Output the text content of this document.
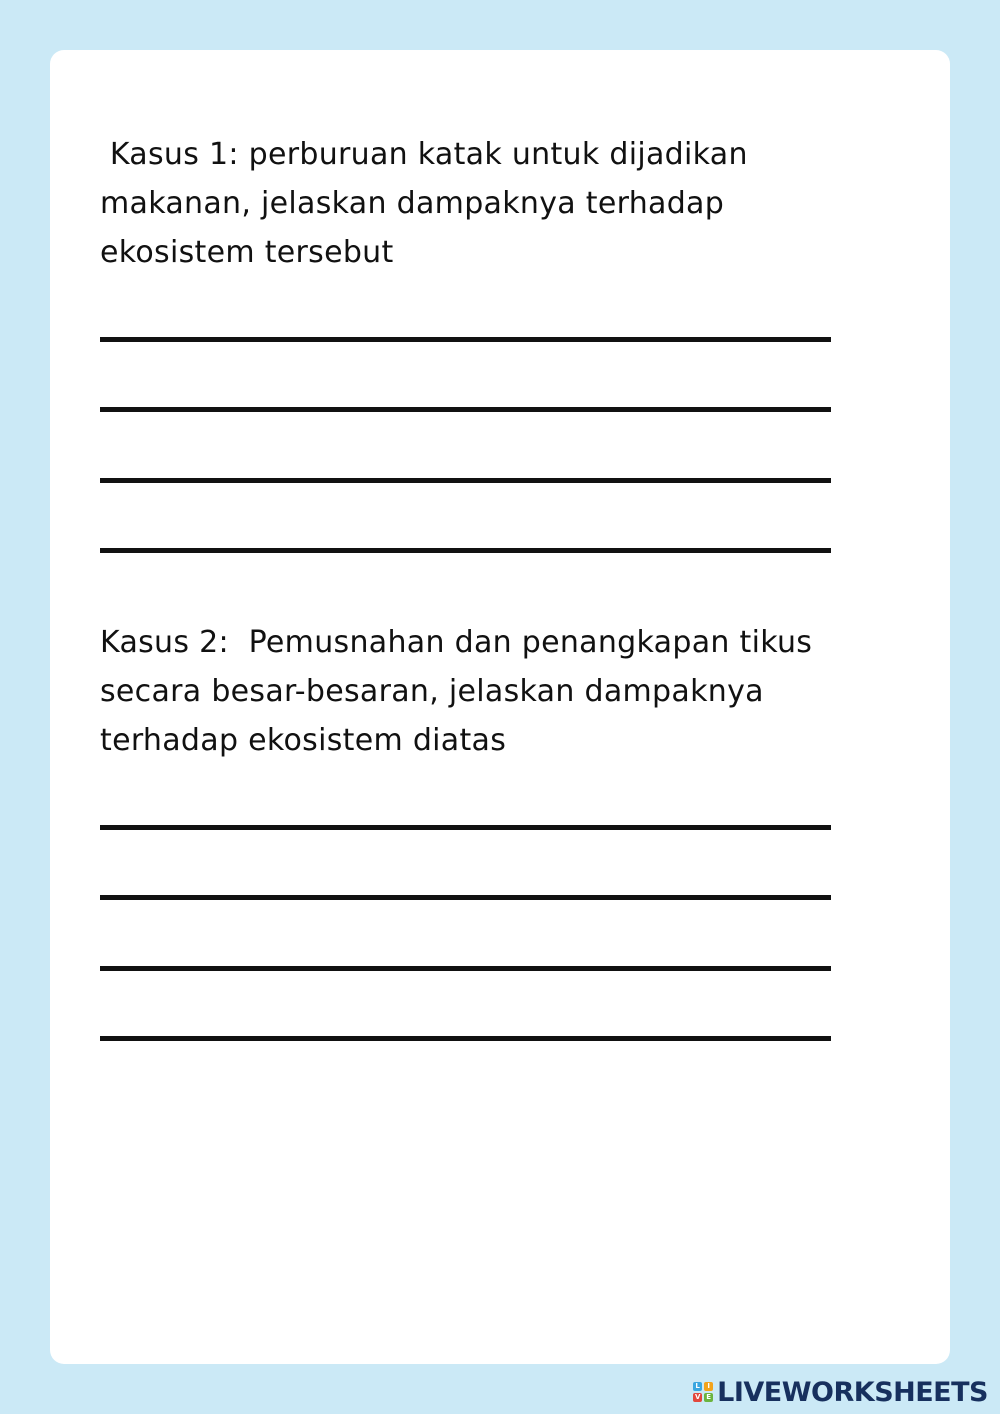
Kasus 1: perburuan katak untuk dijadikan makanan, jelaskan dampaknya terhadap ekosistem tersebut

Kasus 2:  Pemusnahan dan penangkapan tikus secara besar-besaran, jelaskan dampaknya terhadap ekosistem diatas

L	I
V E LIVEWORKSHEETS
